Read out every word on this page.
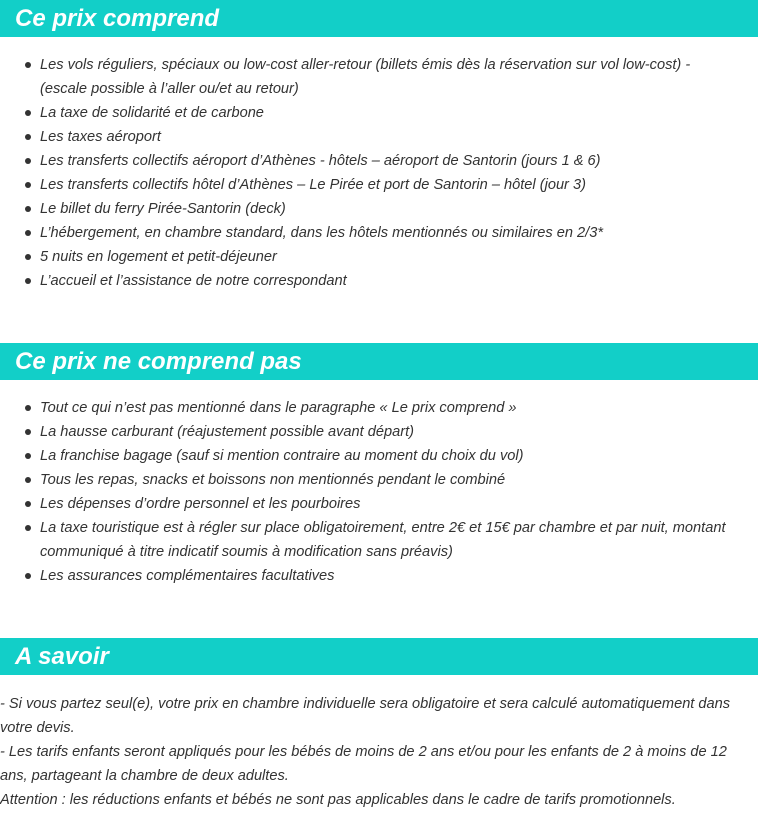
Ce prix comprend
Les vols réguliers, spéciaux ou low-cost aller-retour (billets émis dès la réservation sur vol low-cost) - (escale possible à l’aller ou/et au retour)
La taxe de solidarité et de carbone
Les taxes aéroport
Les transferts collectifs aéroport d’Athènes - hôtels – aéroport de Santorin (jours 1 & 6)
Les transferts collectifs hôtel d’Athènes – Le Pirée et port de Santorin – hôtel (jour 3)
Le billet du ferry Pirée-Santorin (deck)
L’hébergement, en chambre standard, dans les hôtels mentionnés ou similaires en 2/3*
5 nuits en logement et petit-déjeuner
L’accueil et l’assistance de notre correspondant
Ce prix ne comprend pas
Tout ce qui n’est pas mentionné dans le paragraphe « Le prix comprend »
La hausse carburant (réajustement possible avant départ)
La franchise bagage (sauf si mention contraire au moment du choix du vol)
Tous les repas, snacks et boissons non mentionnés pendant le combiné
Les dépenses d’ordre personnel et les pourboires
La taxe touristique est à régler sur place obligatoirement, entre 2€ et 15€ par chambre et par nuit, montant communiqué à titre indicatif soumis à modification sans préavis)
Les assurances complémentaires facultatives
A savoir

- Si vous partez seul(e), votre prix en chambre individuelle sera obligatoire et sera calculé automatiquement dans votre devis.

- Les tarifs enfants seront appliqués pour les bébés de moins de 2 ans et/ou pour les enfants de 2 à moins de 12 ans, partageant la chambre de deux adultes.

Attention : les réductions enfants et bébés ne sont pas applicables dans le cadre de tarifs promotionnels.
